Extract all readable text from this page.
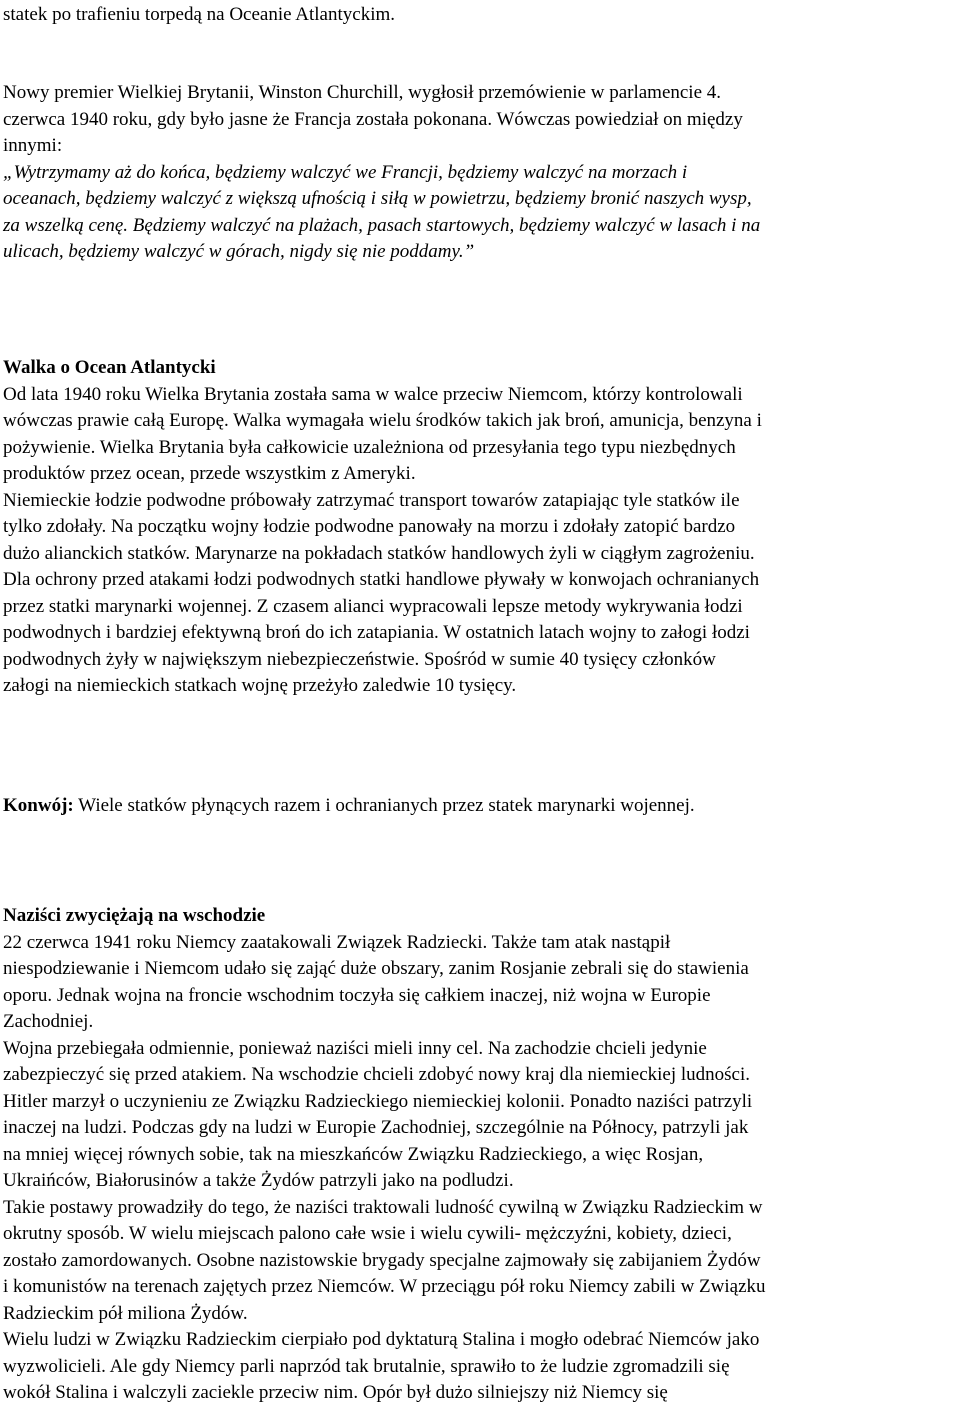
statek po trafieniu torpedą na Oceanie Atlantyckim.
Nowy premier Wielkiej Brytanii, Winston Churchill, wygłosił przemówienie w parlamencie 4.
czerwca 1940 roku, gdy było jasne że Francja została pokonana. Wówczas powiedział on między
innymi:
„Wytrzymamy aż do końca, będziemy walczyć we Francji, będziemy walczyć na morzach i
oceanach, będziemy walczyć z większą ufnością i siłą w powietrzu, będziemy bronić naszych wysp,
za wszelką cenę. Będziemy walczyć na plażach, pasach startowych, będziemy walczyć w lasach i na
ulicach, będziemy walczyć w górach, nigdy się nie poddamy.”
Walka o Ocean Atlantycki
Od lata 1940 roku Wielka Brytania została sama w walce przeciw Niemcom, którzy kontrolowali
wówczas prawie całą Europę. Walka wymagała wielu środków takich jak broń, amunicja, benzyna i
pożywienie. Wielka Brytania była całkowicie uzależniona od przesyłania tego typu niezbędnych
produktów przez ocean, przede wszystkim z Ameryki.
Niemieckie łodzie podwodne próbowały zatrzymać transport towarów zatapiając tyle statków ile
tylko zdołały. Na początku wojny łodzie podwodne panowały na morzu i zdołały zatopić bardzo
dużo alianckich statków. Marynarze na pokładach statków handlowych żyli w ciągłym zagrożeniu.
Dla ochrony przed atakami łodzi podwodnych statki handlowe pływały w konwojach ochranianych
przez statki marynarki wojennej. Z czasem alianci wypracowali lepsze metody wykrywania łodzi
podwodnych i bardziej efektywną broń do ich zatapiania. W ostatnich latach wojny to załogi łodzi
podwodnych żyły w największym niebezpieczeństwie. Spośród w sumie 40 tysięcy członków
załogi na niemieckich statkach wojnę przeżyło zaledwie 10 tysięcy.
Konwój: Wiele statków płynących razem i ochranianych przez statek marynarki wojennej.
Naziści zwyciężają na wschodzie
22 czerwca 1941 roku Niemcy zaatakowali Związek Radziecki. Także tam atak nastąpił
niespodziewanie i Niemcom udało się zająć duże obszary, zanim Rosjanie zebrali się do stawienia
oporu. Jednak wojna na froncie wschodnim toczyła się całkiem inaczej, niż wojna w Europie
Zachodniej.
Wojna przebiegała odmiennie, ponieważ naziści mieli inny cel. Na zachodzie chcieli jedynie
zabezpieczyć się przed atakiem. Na wschodzie chcieli zdobyć nowy kraj dla niemieckiej ludności.
Hitler marzył o uczynieniu ze Związku Radzieckiego niemieckiej kolonii. Ponadto naziści patrzyli
inaczej na ludzi. Podczas gdy na ludzi w Europie Zachodniej, szczególnie na Północy, patrzyli jak
na mniej więcej równych sobie, tak na mieszkańców Związku Radzieckiego, a więc Rosjan,
Ukraińców, Białorusinów a także Żydów patrzyli jako na podludzi.
Takie postawy prowadziły do tego, że naziści traktowali ludność cywilną w Związku Radzieckim w
okrutny sposób. W wielu miejscach palono całe wsie i wielu cywili- mężczyźni, kobiety, dzieci,
zostało zamordowanych. Osobne nazistowskie brygady specjalne zajmowały się zabijaniem Żydów
i komunistów na terenach zajętych przez Niemców. W przeciągu pół roku Niemcy zabili w Związku
Radzieckim pół miliona Żydów.
Wielu ludzi w Związku Radzieckim cierpiało pod dyktaturą Stalina i mogło odebrać Niemców jako
wyzwolicieli. Ale gdy Niemcy parli naprzód tak brutalnie, sprawiło to że ludzie zgromadzili się
wokół Stalina i walczyli zaciekle przeciw nim. Opór był dużo silniejszy niż Niemcy się
